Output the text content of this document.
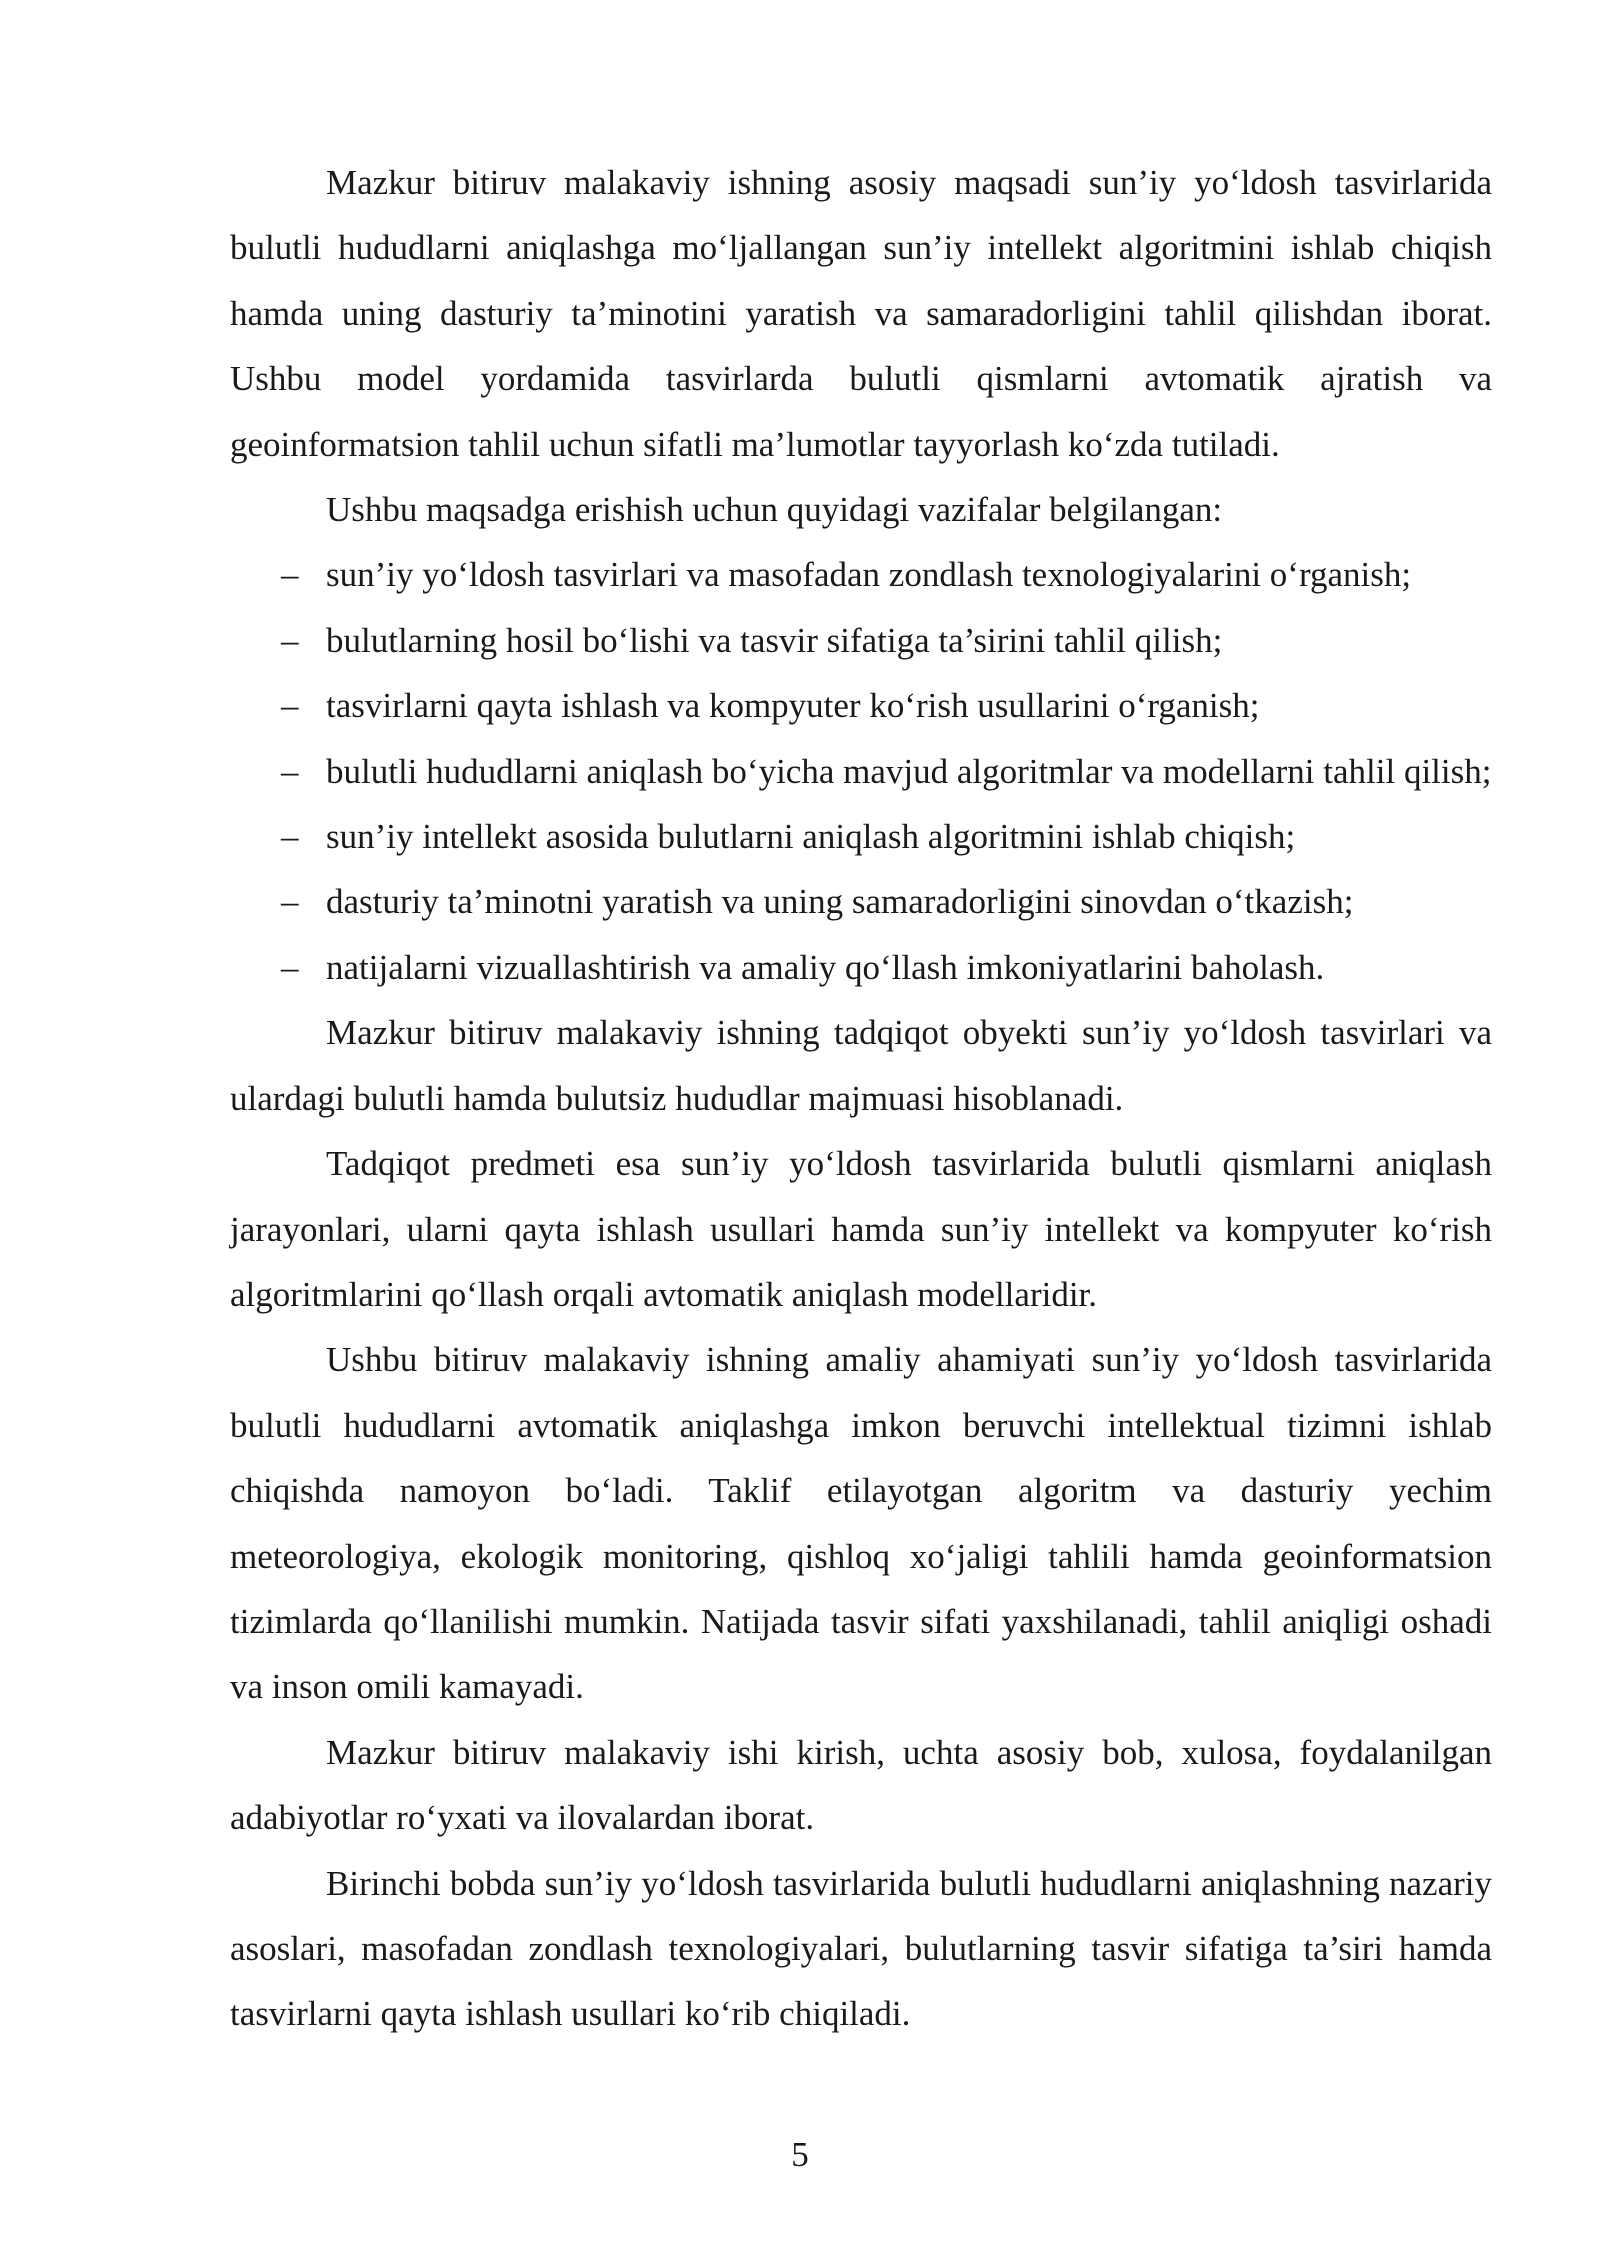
Mazkur bitiruv malakaviy ishning asosiy maqsadi sun’iy yo‘ldosh tasvirlarida bulutli hududlarni aniqlashga mo‘ljallangan sun’iy intellekt algoritmini ishlab chiqish hamda uning dasturiy ta’minotini yaratish va samaradorligini tahlil qilishdan iborat. Ushbu model yordamida tasvirlarda bulutli qismlarni avtomatik ajratish va geoinformatsion tahlil uchun sifatli ma’lumotlar tayyorlash ko‘zda tutiladi.

Ushbu maqsadga erishish uchun quyidagi vazifalar belgilangan:

– sun’iy yo‘ldosh tasvirlari va masofadan zondlash texnologiyalarini o‘rganish;
– bulutlarning hosil bo‘lishi va tasvir sifatiga ta’sirini tahlil qilish;
– tasvirlarni qayta ishlash va kompyuter ko‘rish usullarini o‘rganish;
– bulutli hududlarni aniqlash bo‘yicha mavjud algoritmlar va modellarni tahlil qilish;
– sun’iy intellekt asosida bulutlarni aniqlash algoritmini ishlab chiqish;
– dasturiy ta’minotni yaratish va uning samaradorligini sinovdan o‘tkazish;
– natijalarni vizuallashtirish va amaliy qo‘llash imkoniyatlarini baholash.

Mazkur bitiruv malakaviy ishning tadqiqot obyekti sun’iy yo‘ldosh tasvirlari va ulardagi bulutli hamda bulutsiz hududlar majmuasi hisoblanadi.

Tadqiqot predmeti esa sun’iy yo‘ldosh tasvirlarida bulutli qismlarni aniqlash jarayonlari, ularni qayta ishlash usullari hamda sun’iy intellekt va kompyuter ko‘rish algoritmlarini qo‘llash orqali avtomatik aniqlash modellaridir.

Ushbu bitiruv malakaviy ishning amaliy ahamiyati sun’iy yo‘ldosh tasvirlarida bulutli hududlarni avtomatik aniqlashga imkon beruvchi intellektual tizimni ishlab chiqishda namoyon bo‘ladi. Taklif etilayotgan algoritm va dasturiy yechim meteorologiya, ekologik monitoring, qishloq xo‘jaligi tahlili hamda geoinformatsion tizimlarda qo‘llanilishi mumkin. Natijada tasvir sifati yaxshilanadi, tahlil aniqligi oshadi va inson omili kamayadi.

Mazkur bitiruv malakaviy ishi kirish, uchta asosiy bob, xulosa, foydalanilgan adabiyotlar ro‘yxati va ilovalardan iborat.

Birinchi bobda sun’iy yo‘ldosh tasvirlarida bulutli hududlarni aniqlashning nazariy asoslari, masofadan zondlash texnologiyalari, bulutlarning tasvir sifatiga ta’siri hamda tasvirlarni qayta ishlash usullari ko‘rib chiqiladi.

5
